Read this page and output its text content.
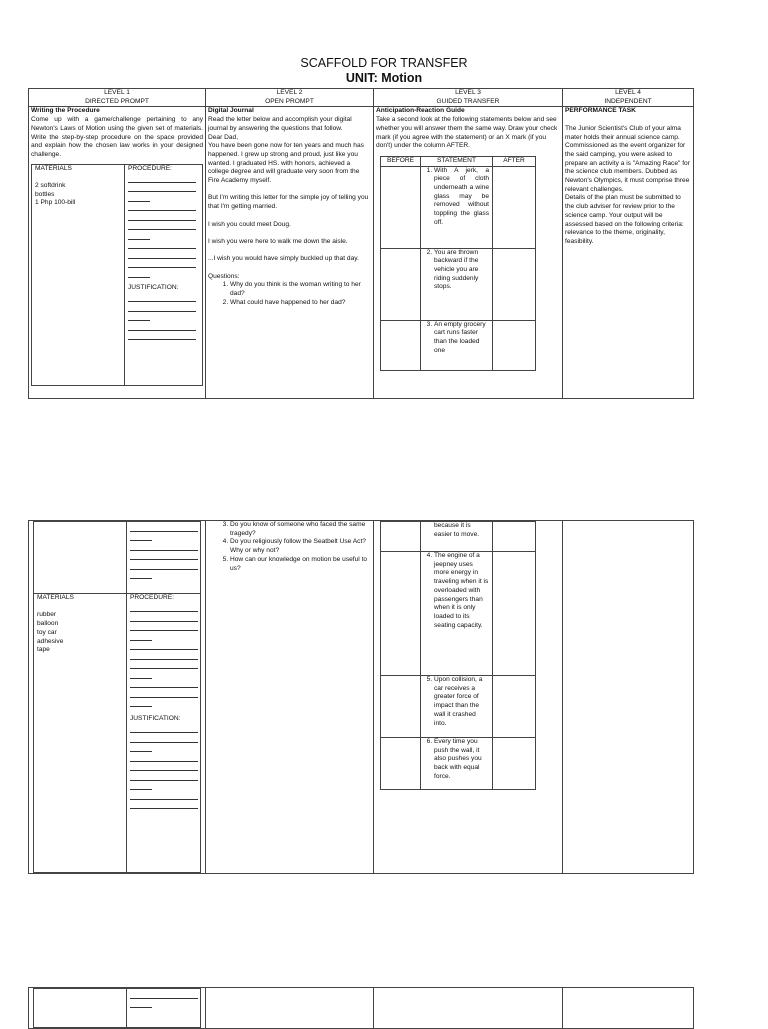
SCAFFOLD FOR TRANSFER
UNIT: Motion
LEVEL 1
DIRECTED PROMPT

LEVEL 2
OPEN PROMPT

LEVEL 3
GUIDED TRANSFER

LEVEL 4
INDEPENDENT

Writing the Procedure
Come up with a game/challenge pertaining to any Newton's Laws of Motion using the given set of materials. Write the step-by-step procedure on the space provided and explain how the chosen law works in your designed challenge.
MATERIALS
2 softdrink
bottles
1 Php 100-bill

PROCEDURE:
JUSTIFICATION:

Digital Journal
Read the letter below and accomplish your digital journal by answering the questions that follow.
Dear Dad,
You have been gone now for ten years and much has happened. I grew up strong and proud, just like you wanted. I graduated HS. with honors, achieved a college degree and will graduate very soon from the Fire Academy myself.
But I'm writing this letter for the simple joy of telling you that I'm getting married.
I wish you could meet Doug.
I wish you were here to walk me down the aisle.
...I wish you would have simply buckled up that day.
Questions:
1. Why do you think is the woman writing to her dad?
2. What could have happened to her dad?

Anticipation-Reaction Guide
Take a second look at the following statements below and see whether you will answer them the same way. Draw your check mark (if you agree with the statement) or an X mark (if you don't) under the column AFTER.
BEFORE	STATEMENT	AFTER

1. With A jerk, a piece of cloth underneath a wine glass may be removed without toppling the glass off.

2. You are thrown backward if the vehicle you are riding suddenly stops.

3. An empty grocery cart runs faster than the loaded one

PERFORMANCE TASK
The Junior Scientist's Club of your alma mater holds their annual science camp. Commissioned as the event organizer for the said camping, you were asked to prepare an activity a is "Amazing Race" for the science club members. Dubbed as Newton's Olympics, it must comprise three relevant challenges.
Details of the plan must be submitted to the club adviser for review prior to the science camp. Your output will be assessed based on the following criteria: relevance to the theme, originality, feasibility.

MATERIALS
rubber
balloon
toy car
adhesive
tape

PROCEDURE:
JUSTIFICATION:

3. Do you know of someone who faced the same tragedy?
4. Do you religiously follow the Seatbelt Use Act? Why or why not?
5. How can our knowledge on motion be useful to us?

because it is easier to move.

4. The engine of a jeepney uses more energy in traveling when it is overloaded with passengers than when it is only loaded to its seating capacity.

5. Upon collision, a car receives a greater force of impact than the wall it crashed into.

6. Every time you push the wall, it also pushes you back with equal force.
